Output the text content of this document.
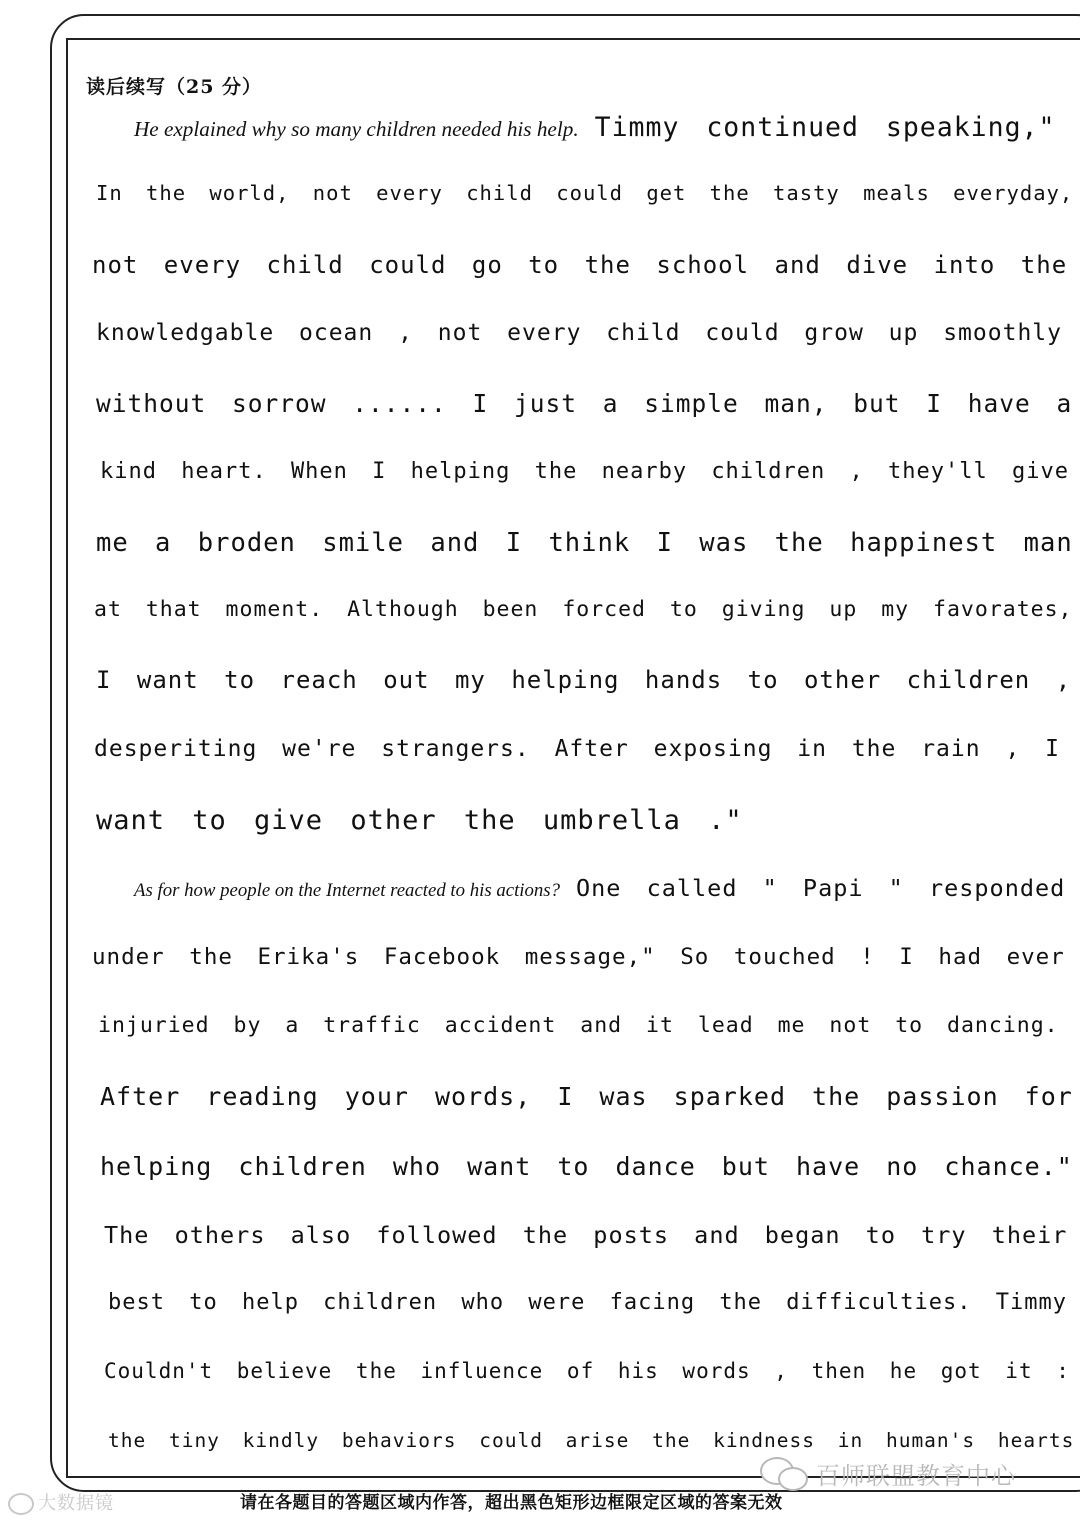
读后续写（25 分）
He explained why so many children needed his help. Timmy continued speaking,"
In the world, not every child could get the tasty meals everyday,
not every child could go to the school and dive into the
knowledgable ocean , not every child could grow up smoothly
without sorrow ...... I just a simple man, but I have a
kind heart. When I helping the nearby children , they'll give
me a broden smile and I think I was the happinest man
at that moment. Although been forced to giving up my favorates,
I want to reach out my helping hands to other children ,
desperiting we're strangers. After exposing in the rain , I
want to give other the umbrella ."
As for how people on the Internet reacted to his actions? One called " Papi " responded
under the Erika's Facebook message," So touched ! I had ever
injuried by a traffic accident and it lead me not to dancing.
After reading your words, I was sparked the passion for
helping children who want to dance but have no chance."
The others also followed the posts and began to try their
best to help children who were facing the difficulties. Timmy
Couldn't believe the influence of his words , then he got it :
the tiny kindly behaviors could arise the kindness in human's hearts
请在各题目的答题区域内作答，超出黑色矩形边框限定区域的答案无效
大数据镜
百师联盟教育中心
